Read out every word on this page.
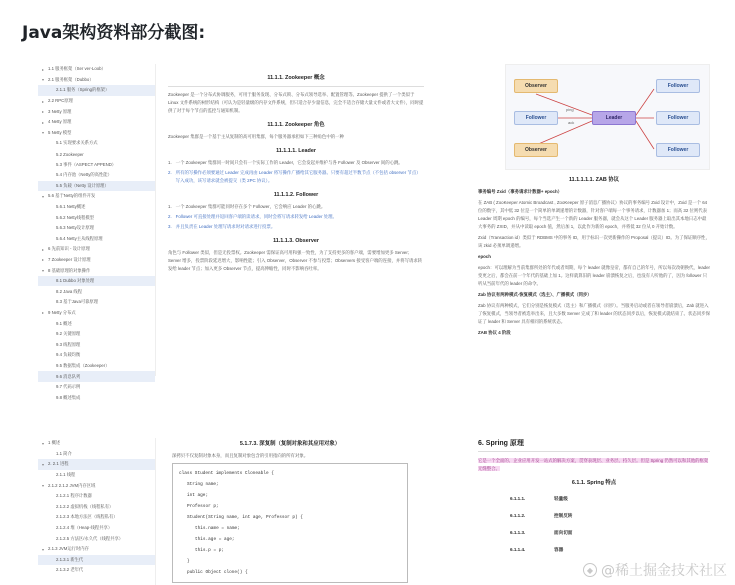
Java架构资料部分截图:
▸ 1.1 服务框架（Ser ver-Loob）
▾ 2.1 服务框架（Dubbo）
2.1.1 服务（Spring的框架）
▸ 2.2 RPC原理
▸ 3 Netty 原理
▸ 4 Netty 原理
▾ 5 Netty 模型
5.1 实现要求关系方式
5.2 Zookeeper
5.3 事件（ASPECT APPEND）
5.4 内存池（Netty的高性能）
5.5 负载（Netty 设计原理）
▾ 5.6 基于Netty的组件开发
5.6.1 Netty概述
5.6.2 Netty线程模型
5.6.3 Netty设计原理
5.6.4 Netty主从线程原理
▸ 6 先前知识 - 设计原理
▸ 7 Zookeeper 设计原理
▾ 8 基础原理的对象操作
8.1 Dubbo 对象处理
8.2 Java 线程
8.3 基于Java可靠原理
▸ 9 Netty 分布式
9.1 概述
9.2 关键原理
9.3 线程原理
9.4 负载均衡
9.5 数据集成（Zookeeper）
9.6 消息队列
9.7 代码示例
9.8 概述集成
11.1.1. Zookeeper 概念

Zookeeper 是一个分布式协调服务，可用于服务发现、分布式锁、分布式领导选举、配置管理等。Zookeeper 提供了一个类似于 Linux 文件系统的树形结构（可认为是轻量级的内存文件系统，但只适合存少量信息，完全不适合存储大量文件或者大文件），同时提供了对于每个节点的监控与通知机制。

11.1.1. Zookeeper 角色

Zookeeper 集群是一个基于主从复制的高可用集群，每个服务器承担如下三种角色中的一种

11.1.1.1. Leader
1. 一个 Zookeeper 集群同一时间只会有一个实际工作的 Leader，它会发起并维护与各 Follower 及 Observer 间的心跳。
2. 所有的写操作必须要通过 Leader 完成再由 Leader 将写操作广播给其它服务器。只要有超过半数节点（不包括 observer 节点）写入成功，该写请求就会被提交（类 2PC 协议）。
11.1.1.2. Follower
1. 一个 Zookeeper 集群可能同时存在多个 Follower，它会响应 Leader 的心跳。
2. Follower 可直接处理并返回客户端的读请求，同时会将写请求转发给 Leader 处理。
3. 并且负责在 Leader 处理写请求时对请求进行投票。
11.1.1.3. Observer

角色与 Follower 类似，但是无投票权。Zookeeper 需保证高可用和强一致性，为了支持更多的客户端，需要增加更多 Server；Server 增多，投票阶段延迟增大，影响性能；引入 Observer，Observer 不参与投票；Observers 接受客户端的连接，并将写请求转发给 leader 节点；加入更多 Observer 节点，提高伸缩性，同时不影响吞吐率。

Observer
Follower
Observer
Leader
Follower
Follower
Follower
ping
ack
11.1.1.1.1. ZAB 协议

事务编号 Zxid（事务请求计数器+ epoch）

在 ZAB ( ZooKeeper Atomic Broadcast , ZooKeeper 原子消息广播协议）协议的事务编号 Zxid 设计中，Zxid 是一个 64 位的数字，其中低 32 位是一个简单的单调递增的计数器，针对客户端每一个事务请求，计数器加 1；而高 32 位则代表 Leader 周期 epoch 的编号，每个当选产生一个新的 Leader 服务器，就会从这个 Leader 服务器上取出其本地日志中最大事务的 ZXID，并从中读取 epoch 值，然后加 1，以此作为新的 epoch，并将低 32 位从 0 开始计数。

Zxid（Transaction id）类似于 RDBMS 中的事务 ID，用于标识一次更新操作的 Proposal（提议）ID。为了保证顺序性，该 zkid 必须单调递增。

epoch

epoch：可以理解为当前集群所处的年代或者周期，每个 leader 就像皇帝，都有自己的年号，所以每次改朝换代，leader 变更之后，都会在前一个年代的基础上加 1。这样就算旧的 leader 崩溃恢复之后，也没有人听他的了，因为 follower 只听从当前年代的 leader 的命令。

Zab 协议有两种模式-恢复模式（选主）、广播模式（同步）

Zab 协议有两种模式，它们分别是恢复模式（选主）和广播模式（同步）。当服务启动或者在领导者崩溃后，Zab 就进入了恢复模式，当领导者被选举出来，且大多数 Server 完成了和 leader 的状态同步以后，恢复模式就结束了。状态同步保证了 leader 和 Server 具有相同的系统状态。

ZAB 协议 4 阶段

▾ 1 概述
1.1 简介
▾ 2. 2.1 进程
2.1.1 线程
▾ 2.1.2 2.1.2 JVM内存区域
2.1.2.1 程序计数器
2.1.2.2 虚拟机栈（线程私有）
2.1.2.3 本地方法区（线程私有）
2.1.2.4 堆（Heap-线程共享）
2.1.2.5 方法区/永久代（线程共享）
▾ 2.1.3 JVM运行时内存
2.1.3.1 新生代
2.1.3.2 老年代
5.1.7.3. 深复制（复制对象和其应用对象）

深拷贝不仅复制对象本身，而且复制对象包含的引用指向的所有对象。

class Student implements Cloneable {
String name;
int age;
Professor p;
Student(String name, int age, Professor p) {
this.name = name;
this.age = age;
this.p = p;
}
public Object clone() {
6. Spring 原理

它是一个全面的、企业应用开发一站式的解决方案，贯穿表现层、业务层、持久层。但是 Spring 仍然可以和其他的框架无缝整合。

6.1.1. Spring 特点
6.1.1.1.	轻量级
6.1.1.2.	控制反转
6.1.1.3.	面向切面
6.1.1.4.	容器
◆ @稀土掘金技术社区
